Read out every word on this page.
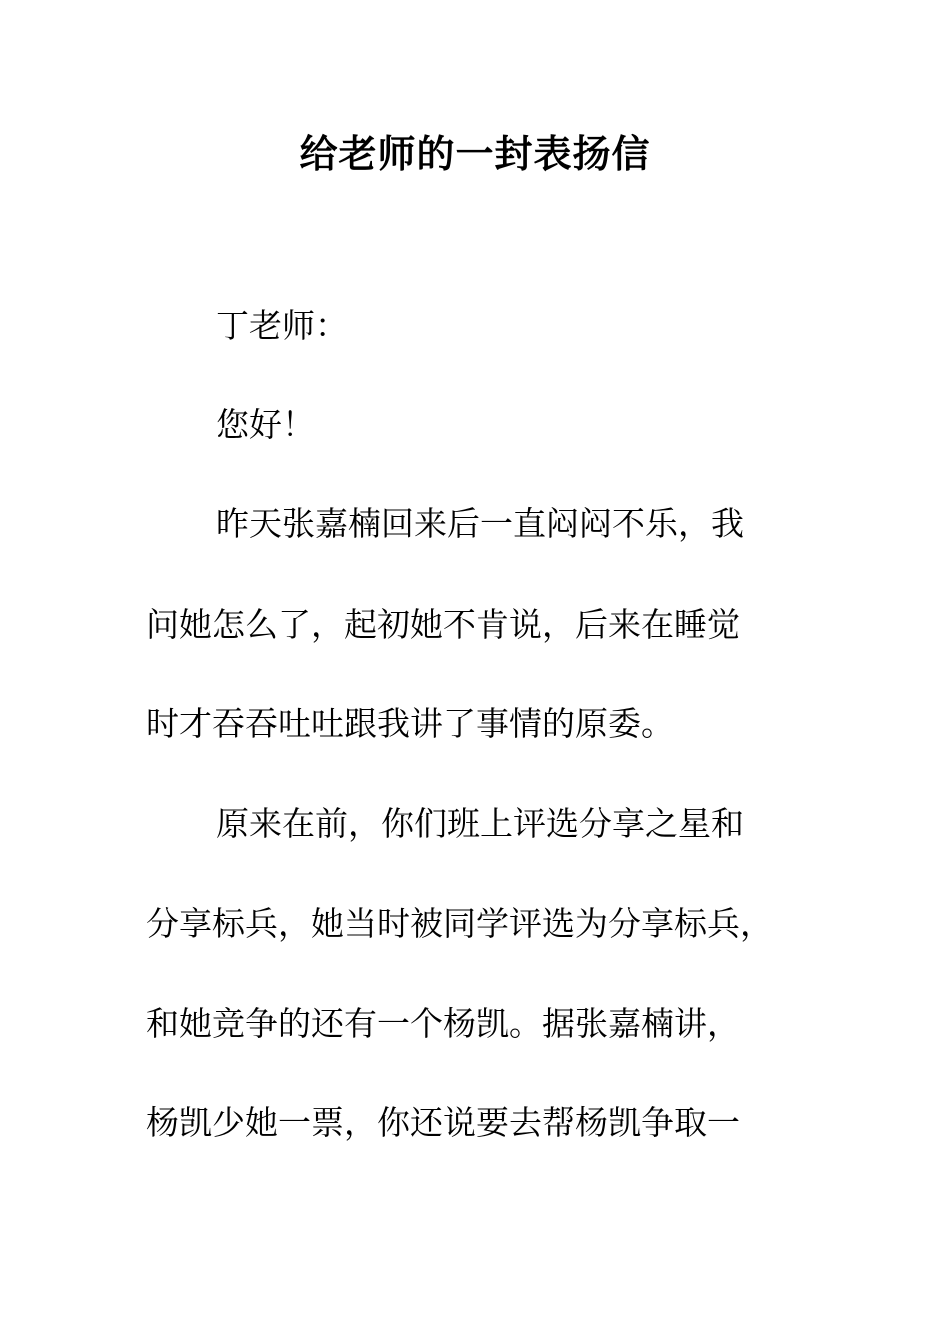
给老师的一封表扬信
丁老师：
您好！
昨天张嘉楠回来后一直闷闷不乐，我
问她怎么了，起初她不肯说，后来在睡觉
时才吞吞吐吐跟我讲了事情的原委。
原来在前，你们班上评选分享之星和
分享标兵，她当时被同学评选为分享标兵，
和她竞争的还有一个杨凯。据张嘉楠讲，
杨凯少她一票，你还说要去帮杨凯争取一
